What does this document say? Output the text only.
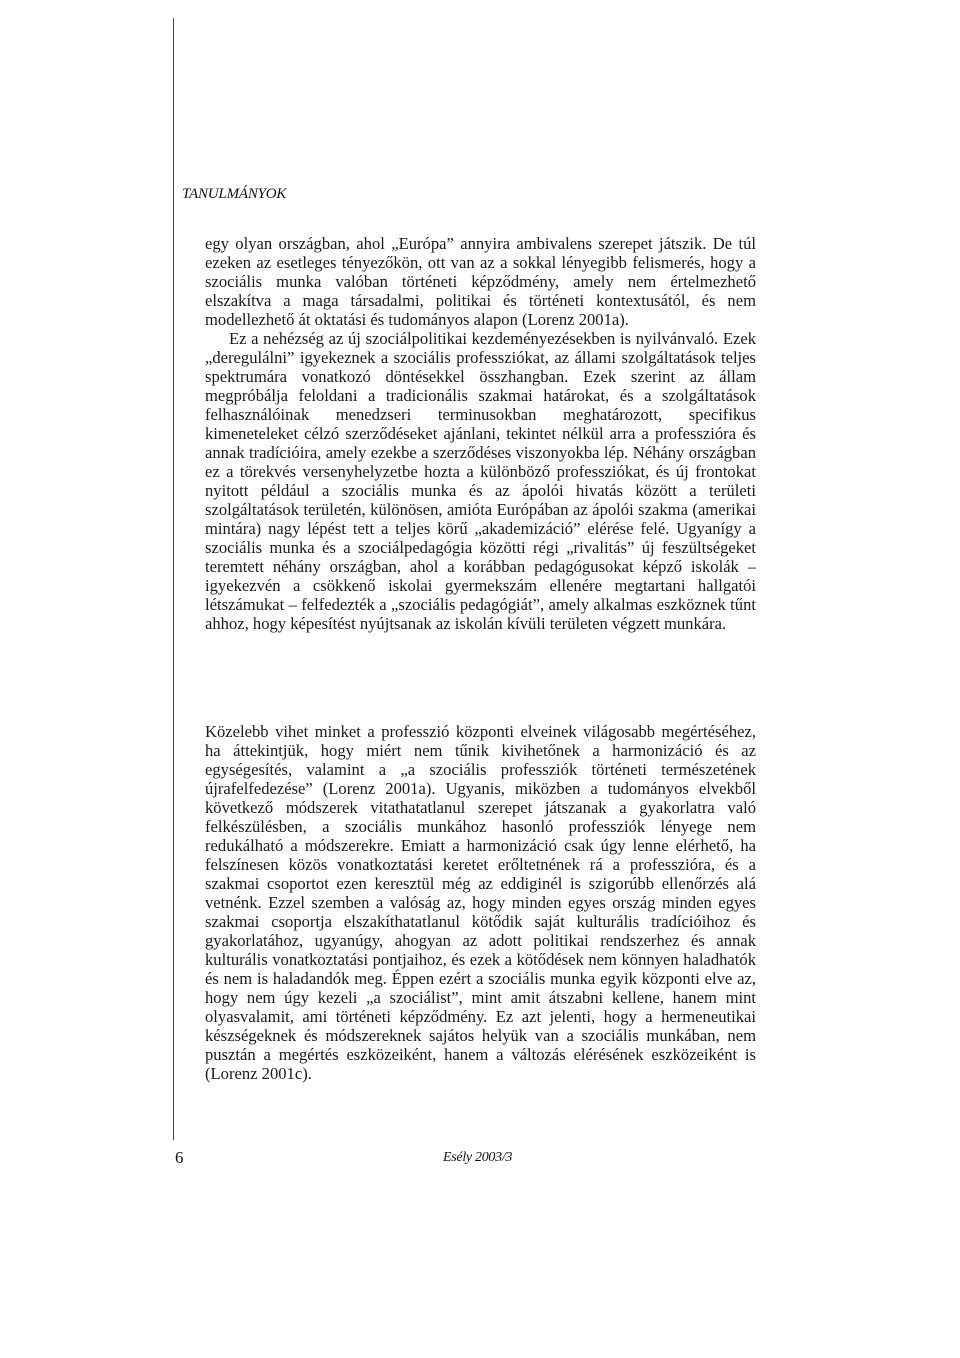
TANULMÁNYOK

egy olyan országban, ahol „Európa” annyira ambivalens szerepet játszik. De túl ezeken az esetleges tényezőkön, ott van az a sokkal lényegibb felismerés, hogy a szociális munka valóban történeti képződmény, amely nem értelmezhető elszakítva a maga társadalmi, politikai és történeti kontextusától, és nem modellezhető át oktatási és tudományos alapon (Lorenz 2001a).

Ez a nehézség az új szociálpolitikai kezdeményezésekben is nyilvánvaló. Ezek „deregulálni” igyekeznek a szociális professziókat, az állami szolgáltatások teljes spektrumára vonatkozó döntésekkel összhangban. Ezek szerint az állam megpróbálja feloldani a tradicionális szakmai határokat, és a szolgáltatások felhasználóinak menedzseri terminusokban meghatározott, specifikus kimeneteleket célzó szerződéseket ajánlani, tekintet nélkül arra a professzióra és annak tradícióira, amely ezekbe a szerződéses viszonyokba lép. Néhány országban ez a törekvés versenyhelyzetbe hozta a különböző professziókat, és új frontokat nyitott például a szociális munka és az ápolói hivatás között a területi szolgáltatások területén, különösen, amióta Európában az ápolói szakma (amerikai mintára) nagy lépést tett a teljes körű „akademizáció” elérése felé. Ugyanígy a szociális munka és a szociálpedagógia közötti régi „rivalitás” új feszültségeket teremtett néhány országban, ahol a korábban pedagógusokat képző iskolák – igyekezvén a csökkenő iskolai gyermekszám ellenére megtartani hallgatói létszámukat – felfedezték a „szociális pedagógiát”, amely alkalmas eszköznek tűnt ahhoz, hogy képesítést nyújtsanak az iskolán kívüli területen végzett munkára.

Közelebb vihet minket a professzió központi elveinek világosabb megértéséhez, ha áttekintjük, hogy miért nem tűnik kivihetőnek a harmonizáció és az egységesítés, valamint a „a szociális professziók történeti természetének újrafelfedezése” (Lorenz 2001a). Ugyanis, miközben a tudományos elvekből következő módszerek vitathatatlanul szerepet játszanak a gyakorlatra való felkészülésben, a szociális munkához hasonló professziók lényege nem redukálható a módszerekre. Emiatt a harmonizáció csak úgy lenne elérhető, ha felszínesen közös vonatkoztatási keretet erőltetnének rá a professzióra, és a szakmai csoportot ezen keresztül még az eddiginél is szigorúbb ellenőrzés alá vetnénk. Ezzel szemben a valóság az, hogy minden egyes ország minden egyes szakmai csoportja elszakíthatatlanul kötődik saját kulturális tradícióihoz és gyakorlatához, ugyanúgy, ahogyan az adott politikai rendszerhez és annak kulturális vonatkoztatási pontjaihoz, és ezek a kötődések nem könnyen haladhatók és nem is haladandók meg. Éppen ezért a szociális munka egyik központi elve az, hogy nem úgy kezeli „a szociálist”, mint amit átszabni kellene, hanem mint olyasvalamit, ami történeti képződmény. Ez azt jelenti, hogy a hermeneutikai készségeknek és módszereknek sajátos helyük van a szociális munkában, nem pusztán a megértés eszközeiként, hanem a változás elérésének eszközeiként is (Lorenz 2001c).

6	Esély 2003/3
